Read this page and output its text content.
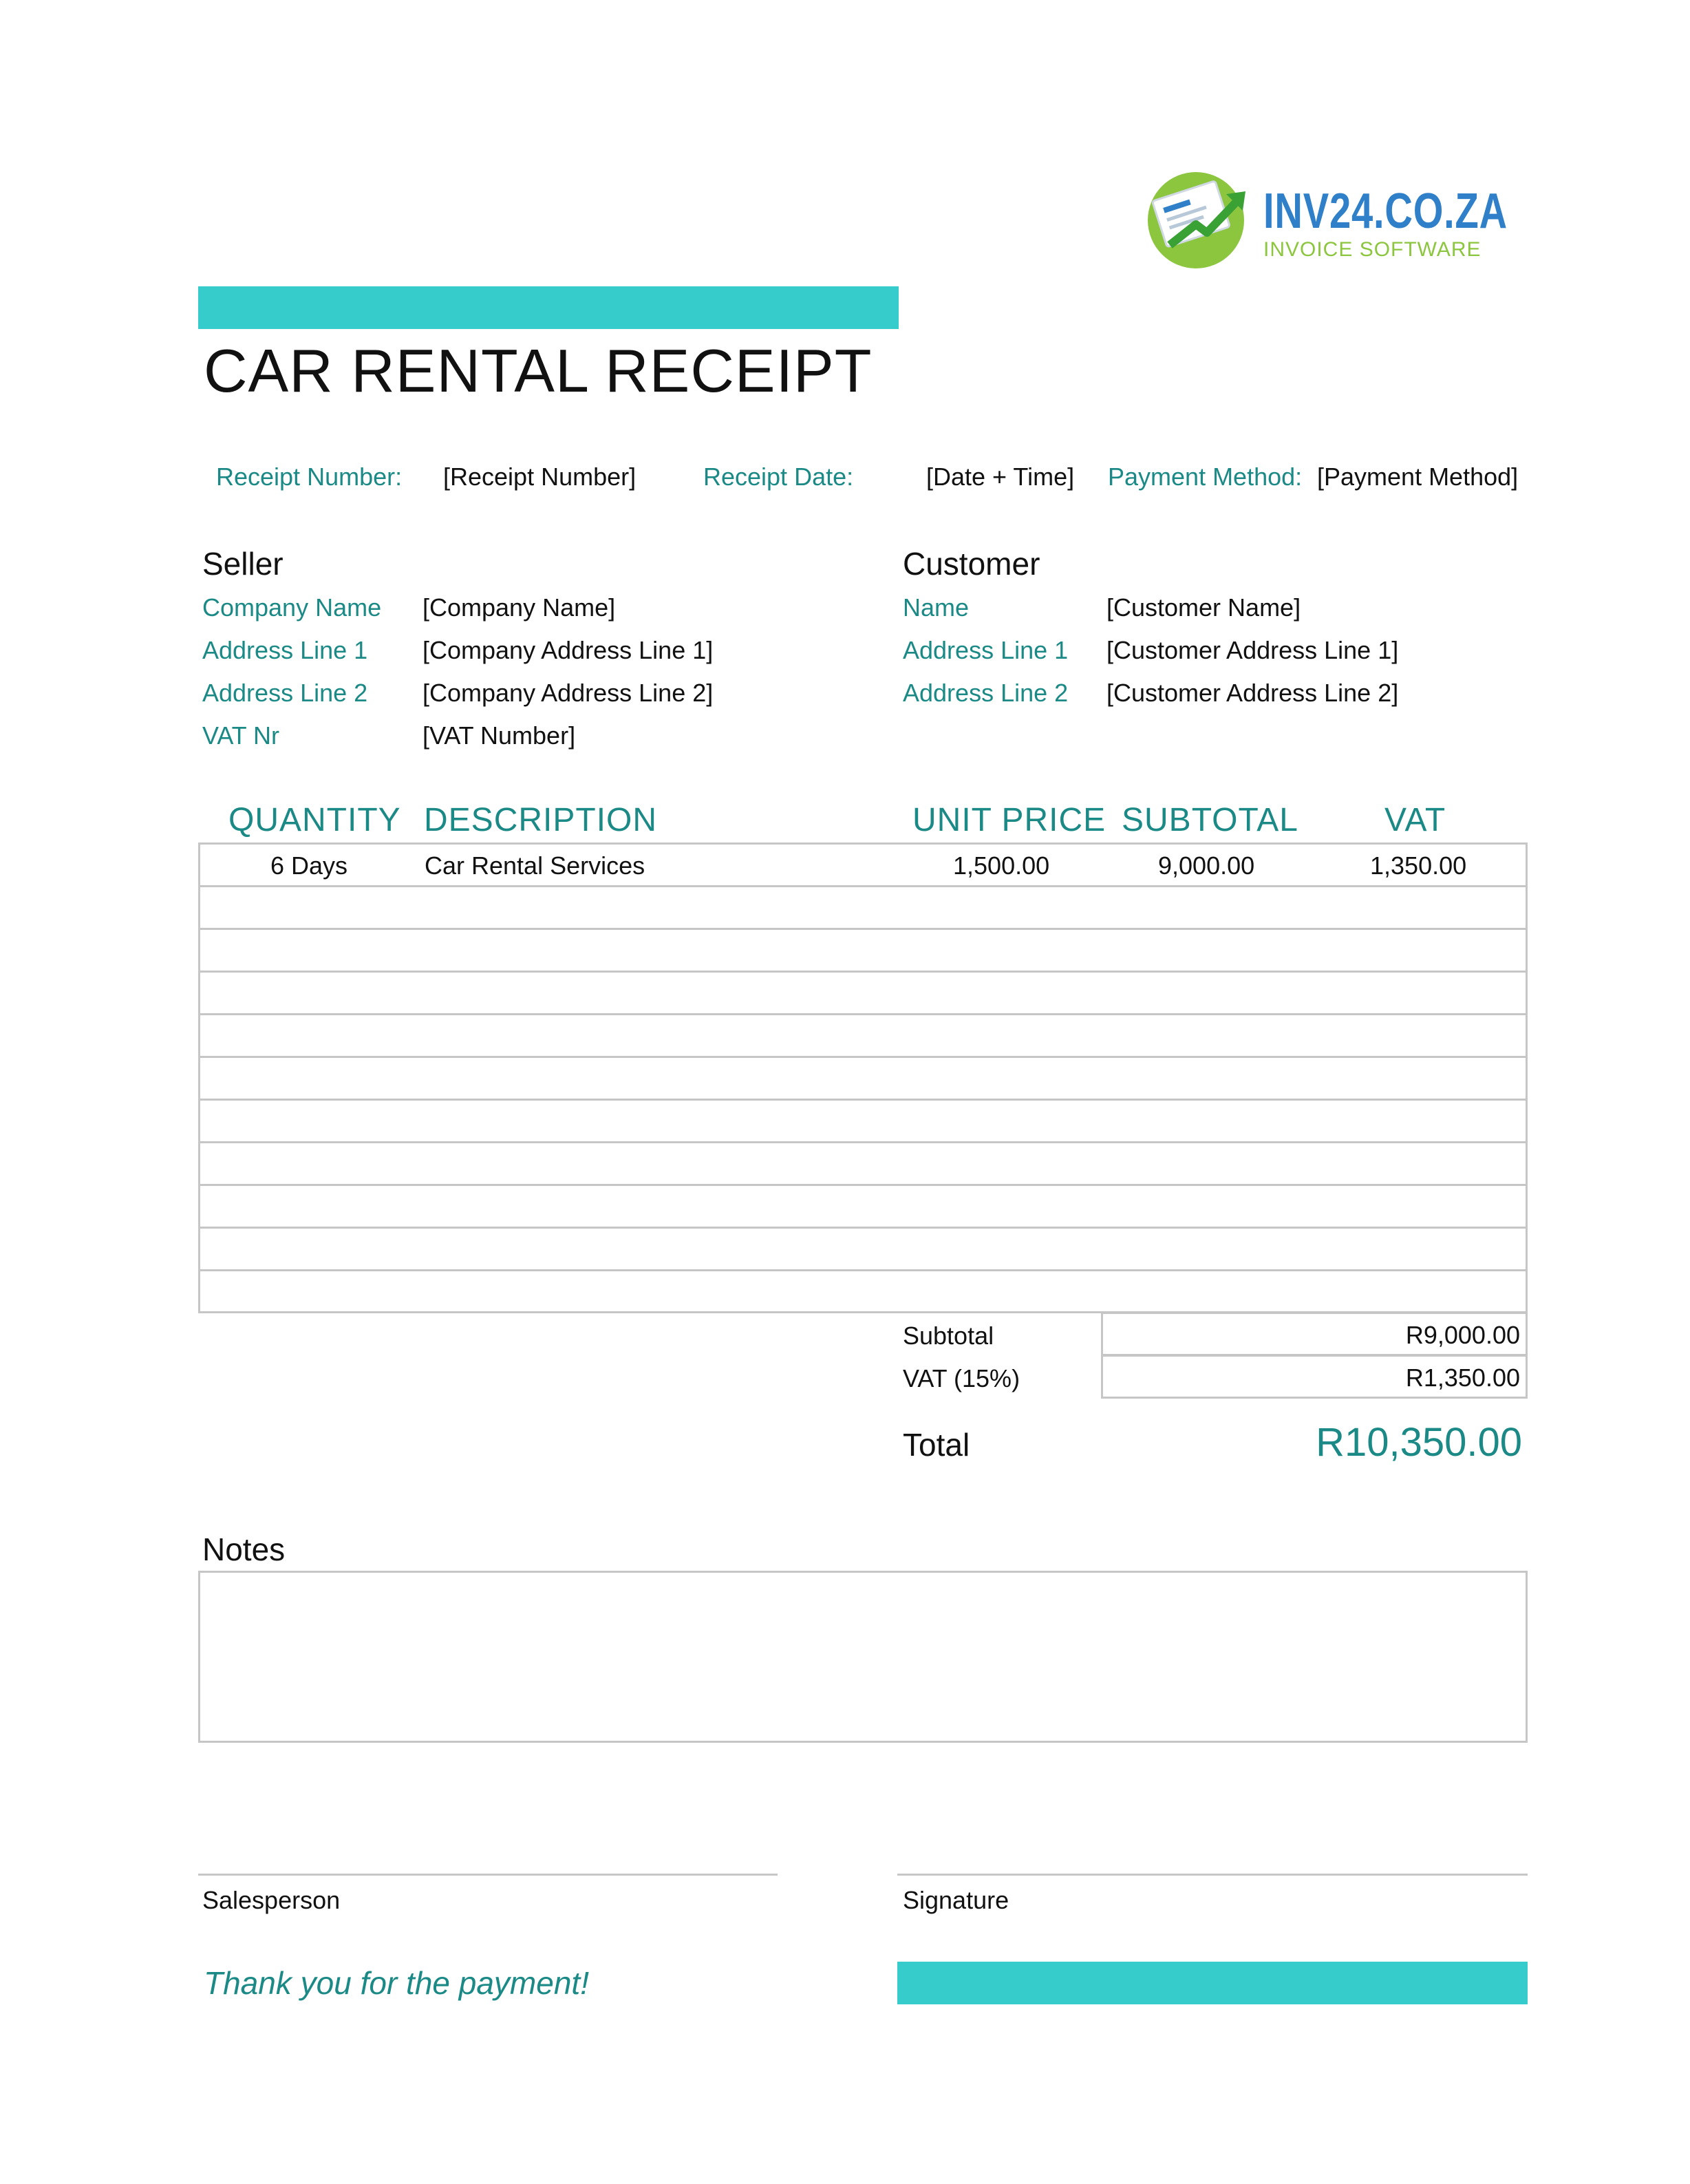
INV24.CO.ZA
INVOICE SOFTWARE
CAR RENTAL RECEIPT
Receipt Number: [Receipt Number]	Receipt Date:	[Date + Time] Payment Method: [Payment Method]
Seller
Company Name [Company Name]
Address Line 1 [Company Address Line 1]
Address Line 2 [Company Address Line 2]
VAT Nr	[VAT Number]
Customer
Name	[Customer Name]
Address Line 1 [Customer Address Line 1]
Address Line 2 [Customer Address Line 2]
QUANTITY DESCRIPTION	UNIT PRICE SUBTOTAL	VAT
6 Days	Car Rental Services	1,500.00	9,000.00	1,350.00
Subtotal	R9,000.00
VAT (15%)	R1,350.00
Total	R10,350.00
Notes
Salesperson	Signature
Thank you for the payment!
